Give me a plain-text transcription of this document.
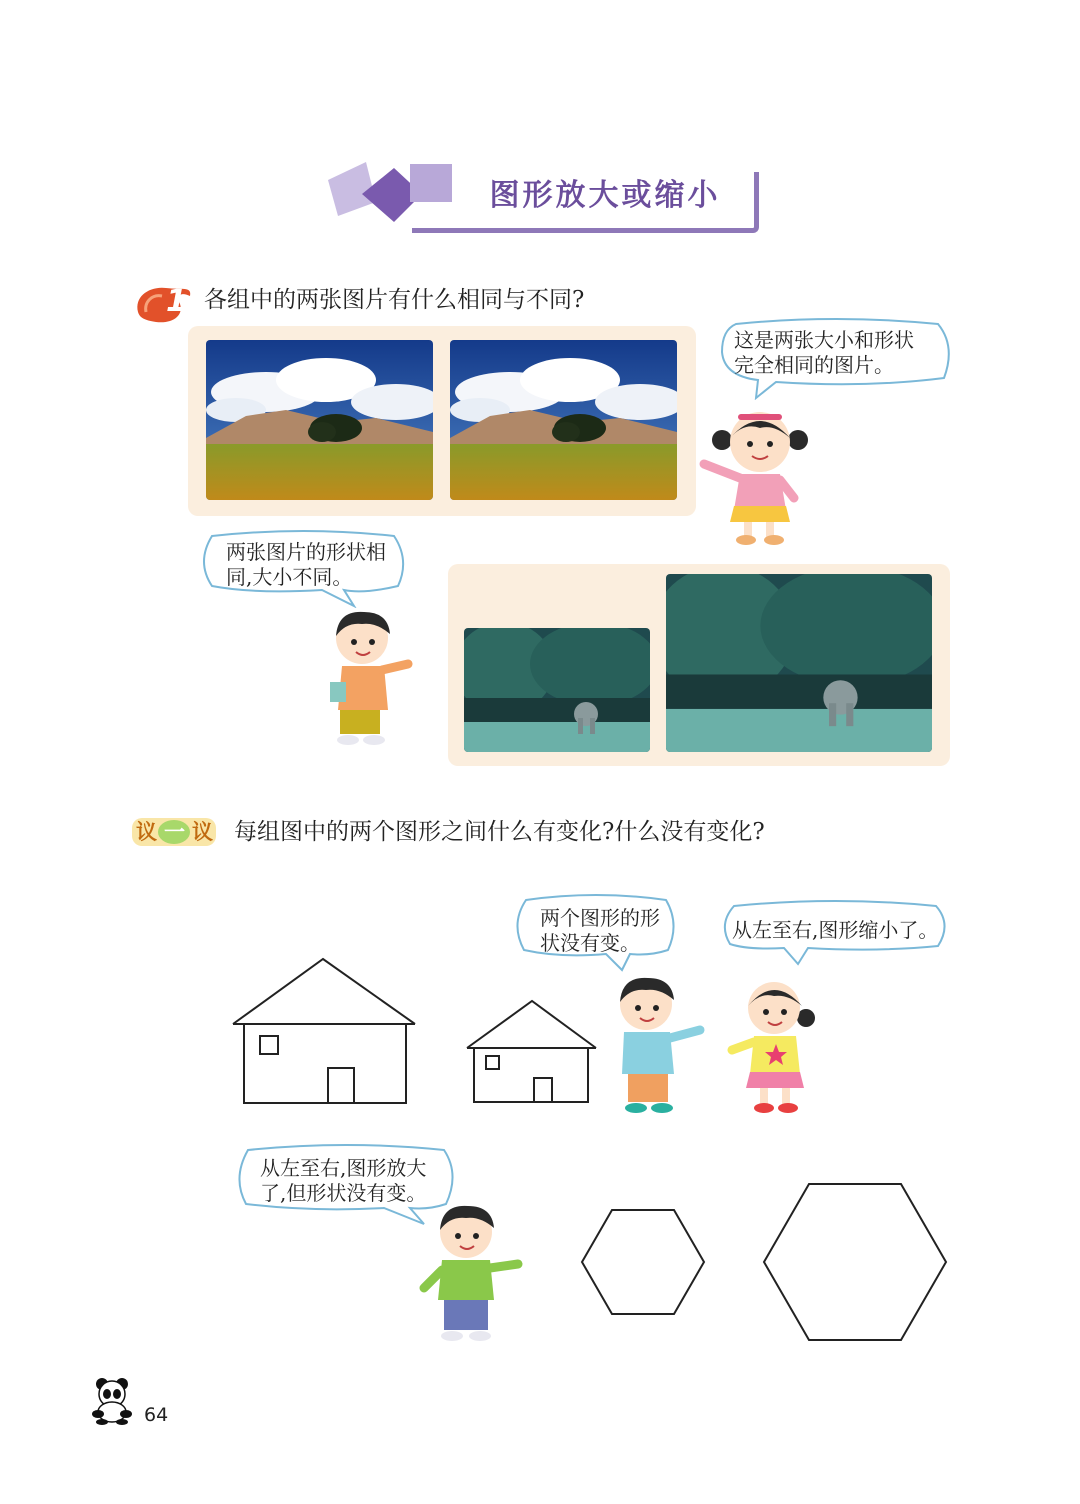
图形放大或缩小
1 各组中的两张图片有什么相同与不同?
这是两张大小和形状
完全相同的图片。
两张图片的形状相
同,大小不同。
议 一 议 每组图中的两个图形之间什么有变化?什么没有变化?
两个图形的形
状没有变。
从左至右,图形缩小了。
从左至右,图形放大
了,但形状没有变。
64
